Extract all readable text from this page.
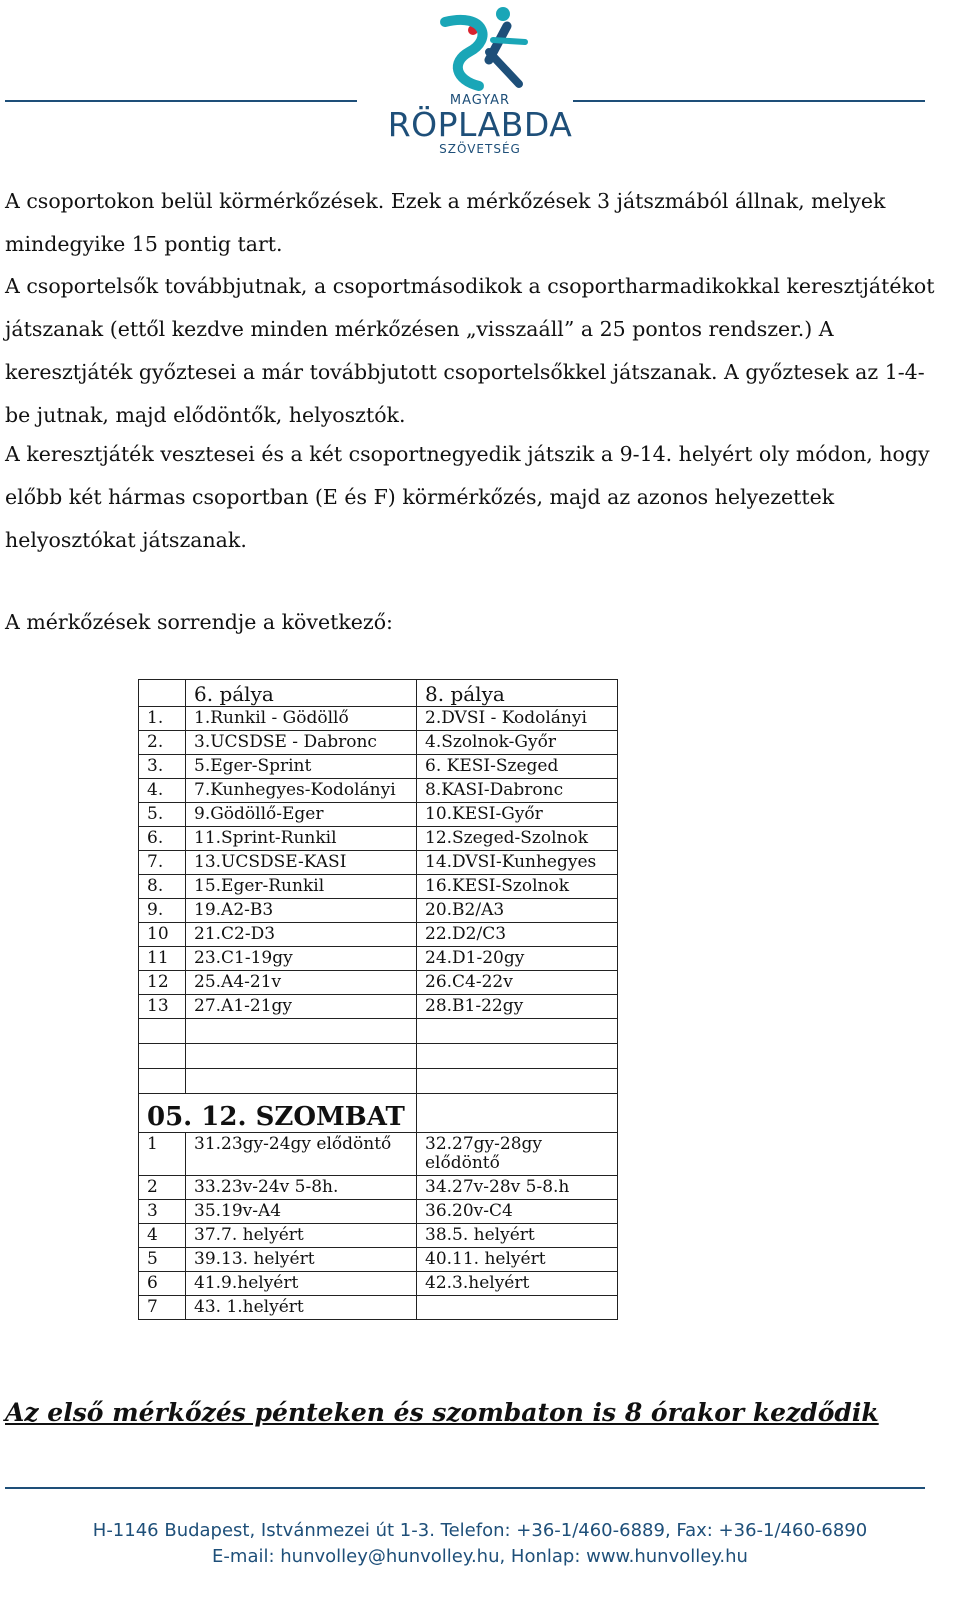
MAGYAR
RÖPLABDA
SZÖVETSÉG

A csoportokon belül körmérkőzések. Ezek a mérkőzések 3 játszmából állnak, melyek mindegyike 15 pontig tart.

A csoportelsők továbbjutnak, a csoportmásodikok a csoportharmadikokkal keresztjátékot játszanak (ettől kezdve minden mérkőzésen „visszaáll” a 25 pontos rendszer.) A keresztjáték győztesei a már továbbjutott csoportelsőkkel játszanak. A győztesek az 1-4-be jutnak, majd elődöntők, helyosztók.

A keresztjáték vesztesei és a két csoportnegyedik játszik a 9-14. helyért oly módon, hogy előbb két hármas csoportban (E és F) körmérkőzés, majd az azonos helyezettek helyosztókat játszanak.

A mérkőzések sorrendje a következő:

	6. pálya	8. pálya
1.	1.Runkil - Gödöllő	2.DVSI - Kodolányi
2.	3.UCSDSE - Dabronc	4.Szolnok-Győr
3.	5.Eger-Sprint	6. KESI-Szeged
4.	7.Kunhegyes-Kodolányi	8.KASI-Dabronc
5.	9.Gödöllő-Eger	10.KESI-Győr
6.	11.Sprint-Runkil	12.Szeged-Szolnok
7.	13.UCSDSE-KASI	14.DVSI-Kunhegyes
8.	15.Eger-Runkil	16.KESI-Szolnok
9.	19.A2-B3	20.B2/A3
10	21.C2-D3	22.D2/C3
11	23.C1-19gy	24.D1-20gy
12	25.A4-21v	26.C4-22v
13	27.A1-21gy	28.B1-22gy

05. 12. SZOMBAT		
1	31.23gy-24gy elődöntő	32.27gy-28gy elődöntő
2	33.23v-24v 5-8h.	34.27v-28v 5-8.h
3	35.19v-A4	36.20v-C4
4	37.7. helyért	38.5. helyért
5	39.13. helyért	40.11. helyért
6	41.9.helyért	42.3.helyért
7	43. 1.helyért	

Az első mérkőzés pénteken és szombaton is 8 órakor kezdődik

H-1146 Budapest, Istvánmezei út 1-3. Telefon: +36-1/460-6889, Fax: +36-1/460-6890
E-mail: hunvolley@hunvolley.hu, Honlap: www.hunvolley.hu
